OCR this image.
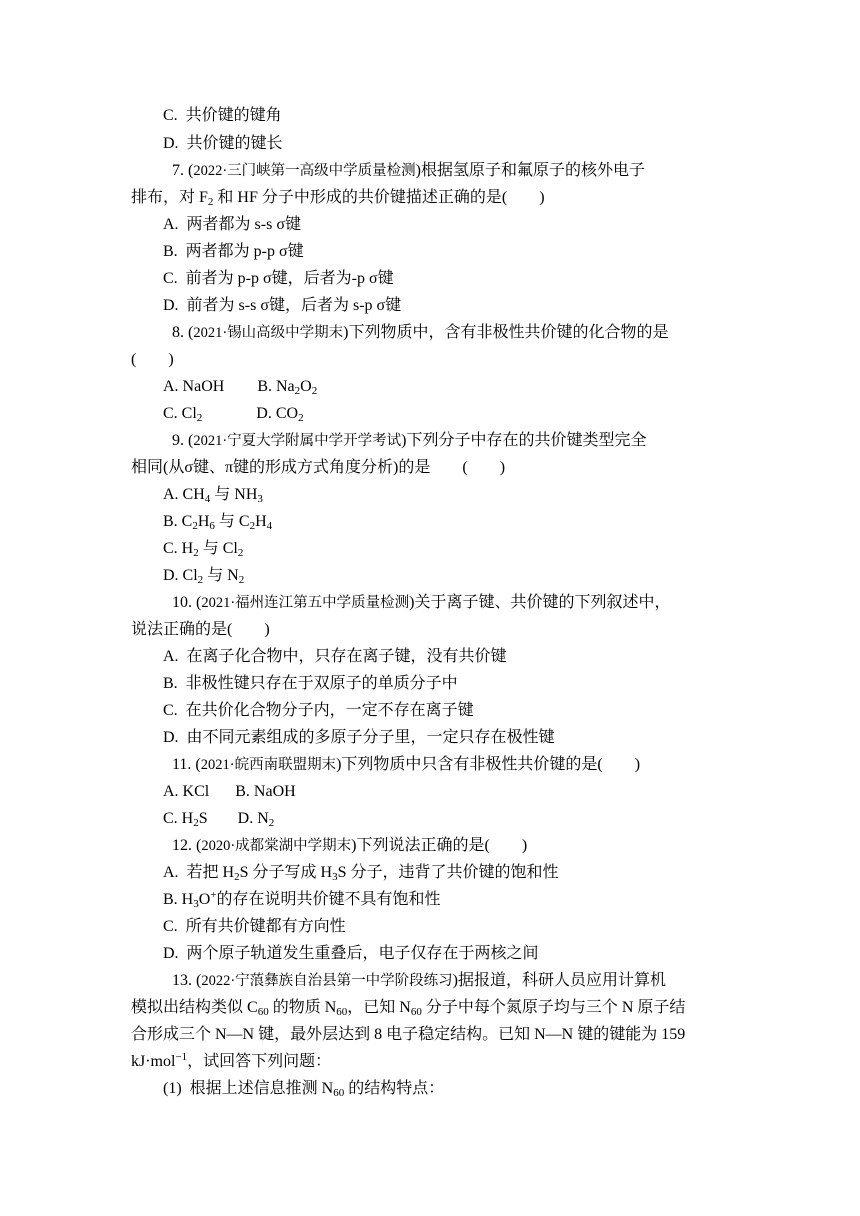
C.  共价键的键角
D.  共价键的键长
7. (2022·三门峡第一高级中学质量检测)根据氢原子和氟原子的核外电子
排布，对 $F_2$ 和 HF 分子中形成的共价键描述正确的是(　　)
A.  两者都为 s-s σ键
B.  两者都为 p-p σ键
C.  前者为 p-p σ键，后者为-p σ键
D.  前者为 s-s σ键，后者为 s-p σ键
8. (2021·锡山高级中学期末)下列物质中，含有非极性共价键的化合物的是
(　　)
A. NaOH B. $Na_2O_2$
C. $Cl_2$	D. $CO_2$
9. (2021·宁夏大学附属中学开学考试)下列分子中存在的共价键类型完全
相同(从σ键、π键的形成方式角度分析)的是　　(　　)
A. $CH_4$ 与 $NH_3$
B. $C_2H_6$ 与 $C_2H_4$
C. $H_2$ 与 $Cl_2$
D. $Cl_2$ 与 $N_2$
10. (2021·福州连江第五中学质量检测)关于离子键、共价键的下列叙述中，
说法正确的是(　　)
A.  在离子化合物中，只存在离子键，没有共价键
B.  非极性键只存在于双原子的单质分子中
C.  在共价化合物分子内，一定不存在离子键
D.  由不同元素组成的多原子分子里，一定只存在极性键
11. (2021·皖西南联盟期末)下列物质中只含有非极性共价键的是(　　)
A. KCl B. NaOH
C. $H_2S$ D. $N_2$
12. (2020·成都棠湖中学期末)下列说法正确的是(　　)
A.  若把 $H_2S$ 分子写成 $H_3S$ 分子，违背了共价键的饱和性
B. $H_3O^+$的存在说明共价键不具有饱和性
C.  所有共价键都有方向性
D.  两个原子轨道发生重叠后，电子仅存在于两核之间
13. (2022·宁蒗彝族自治县第一中学阶段练习)据报道，科研人员应用计算机
模拟出结构类似 $C_{60}$ 的物质 $N_{60}$，已知 $N_{60}$ 分子中每个氮原子均与三个 N 原子结
合形成三个 N—N 键，最外层达到 8 电子稳定结构。已知 N—N 键的键能为 159
kJ·mol$^{-1}$，试回答下列问题：
(1)  根据上述信息推测 $N_{60}$ 的结构特点：
